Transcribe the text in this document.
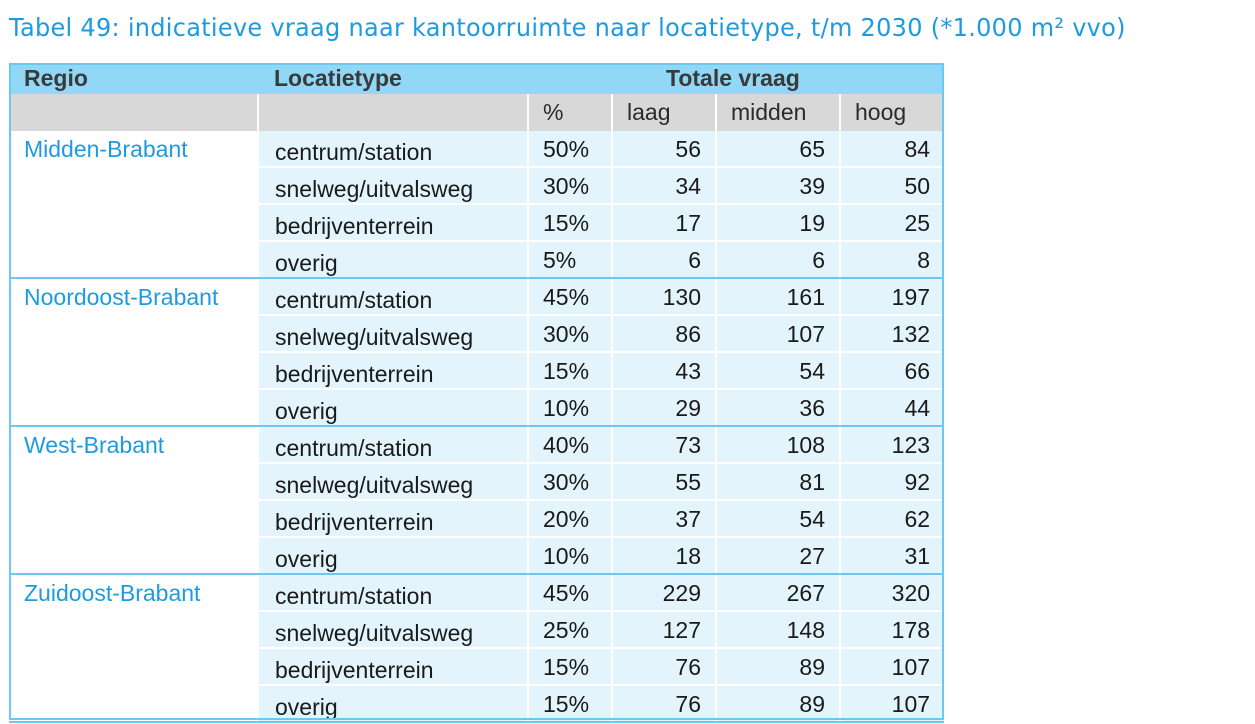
Tabel 49: indicatieve vraag naar kantoorruimte naar locatietype, t/m 2030 (*1.000 m² vvo)
Regio	Locatietype	Totale vraag			
		%	laag	midden	hoog
Midden-Brabant	centrum/station	50%	56	65	84
	snelweg/uitvalsweg	30%	34	39	50
	bedrijventerrein	15%	17	19	25
	overig	5%	6	6	8
Noordoost-Brabant	centrum/station	45%	130	161	197
	snelweg/uitvalsweg	30%	86	107	132
	bedrijventerrein	15%	43	54	66
	overig	10%	29	36	44
West-Brabant	centrum/station	40%	73	108	123
	snelweg/uitvalsweg	30%	55	81	92
	bedrijventerrein	20%	37	54	62
	overig	10%	18	27	31
Zuidoost-Brabant	centrum/station	45%	229	267	320
	snelweg/uitvalsweg	25%	127	148	178
	bedrijventerrein	15%	76	89	107
	overig	15%	76	89	107
